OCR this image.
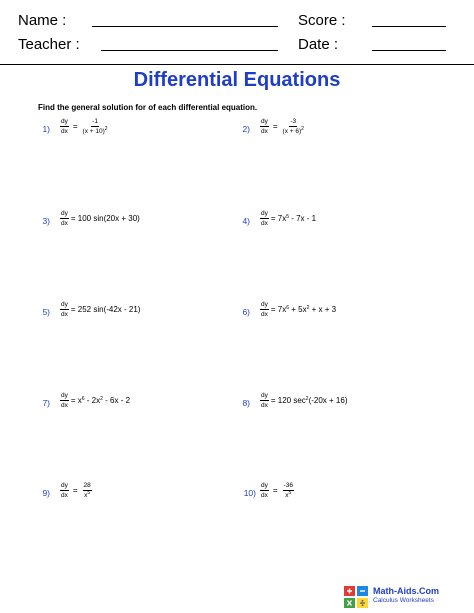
Name :	Score :
Teacher :	Date :
Differential Equations
Find the general solution for of each differential equation.
$1) \frac{dy}{dx} = \frac{-1}{(x + 10)^2}$	$2) \frac{dy}{dx} = \frac{-3}{(x + 6)^2}$
$3) \frac{dy}{dx} = 100$ sin(20x + 30)	$4) \frac{dy}{dx} = 7x^5 - 7x - 1$
$5) \frac{dy}{dx} = 252$ sin(-42x - 21)	$6) \frac{dy}{dx} = 7x^6 + 5x^2 + x + 3$
$7) \frac{dy}{dx} = x^6 - 2x^2 - 6x - 2$	$8) \frac{dy}{dx} = 120$ $\sec^2(-20x + 16)$
$9) \frac{dy}{dx} = \frac{28}{x^5}$	$10) \frac{dy}{dx} = \frac{-36}{x^5}$
Math-Aids.Com
Calculus Worksheets
